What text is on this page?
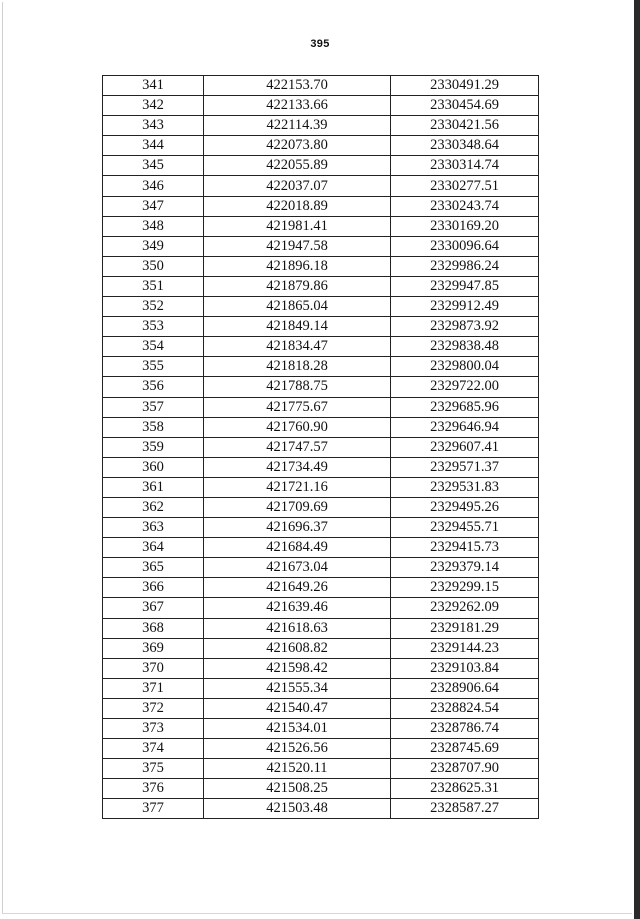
395
341	422153.70	2330491.29
342	422133.66	2330454.69
343	422114.39	2330421.56
344	422073.80	2330348.64
345	422055.89	2330314.74
346	422037.07	2330277.51
347	422018.89	2330243.74
348	421981.41	2330169.20
349	421947.58	2330096.64
350	421896.18	2329986.24
351	421879.86	2329947.85
352	421865.04	2329912.49
353	421849.14	2329873.92
354	421834.47	2329838.48
355	421818.28	2329800.04
356	421788.75	2329722.00
357	421775.67	2329685.96
358	421760.90	2329646.94
359	421747.57	2329607.41
360	421734.49	2329571.37
361	421721.16	2329531.83
362	421709.69	2329495.26
363	421696.37	2329455.71
364	421684.49	2329415.73
365	421673.04	2329379.14
366	421649.26	2329299.15
367	421639.46	2329262.09
368	421618.63	2329181.29
369	421608.82	2329144.23
370	421598.42	2329103.84
371	421555.34	2328906.64
372	421540.47	2328824.54
373	421534.01	2328786.74
374	421526.56	2328745.69
375	421520.11	2328707.90
376	421508.25	2328625.31
377	421503.48	2328587.27
